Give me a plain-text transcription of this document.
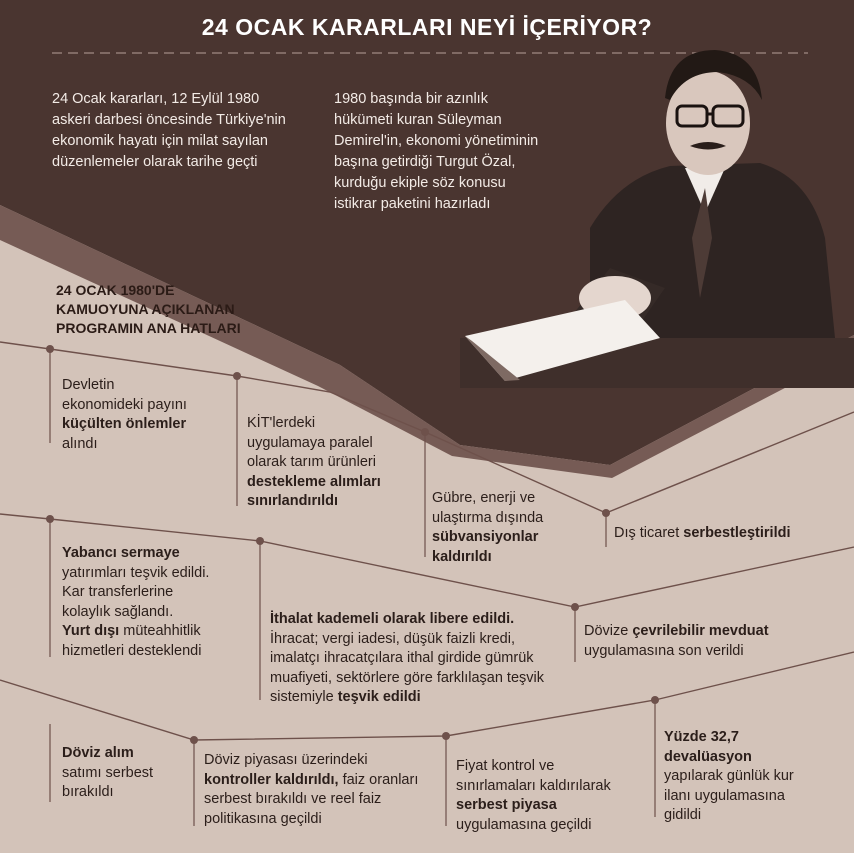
24 OCAK KARARLARI NEYİ İÇERİYOR?
24 Ocak kararları, 12 Eylül 1980 askeri darbesi öncesinde Türkiye'nin ekonomik hayatı için milat sayılan düzenlemeler olarak tarihe geçti
1980 başında bir azınlık hükümeti kuran Süleyman Demirel'in, ekonomi yönetiminin başına getirdiği Turgut Özal, kurduğu ekiple söz konusu istikrar paketini hazırladı
24 OCAK 1980'DE
KAMUOYUNA AÇIKLANAN
PROGRAMIN ANA HATLARI
Devletin
ekonomideki payını
küçülten önlemler
alındı
KİT'lerdeki
uygulamaya paralel
olarak tarım ürünleri
destekleme alımları
sınırlandırıldı	Gübre, enerji ve
ulaştırma dışında
sübvansiyonlar
kaldırıldı
Dış ticaret serbestleştirildi
Yabancı sermaye
yatırımları teşvik edildi.
Kar transferlerine
kolaylık sağlandı.
Yurt dışı müteahhitlik
hizmetleri desteklendi
İthalat kademeli olarak libere edildi.
İhracat; vergi iadesi, düşük faizli kredi,
imalatçı ihracatçılara ithal girdide gümrük
muafiyeti, sektörlere göre farklılaşan teşvik
sistemiyle teşvik edildi
Dövize çevrilebilir mevduat
uygulamasına son verildi
Döviz alım
satımı serbest
bırakıldı
Döviz piyasası üzerindeki
kontroller kaldırıldı, faiz oranları
serbest bırakıldı ve reel faiz
politikasına geçildi
Fiyat kontrol ve
sınırlamaları kaldırılarak
serbest piyasa
uygulamasına geçildi
Yüzde 32,7
devalüasyon
yapılarak günlük kur
ilanı uygulamasına
gidildi
